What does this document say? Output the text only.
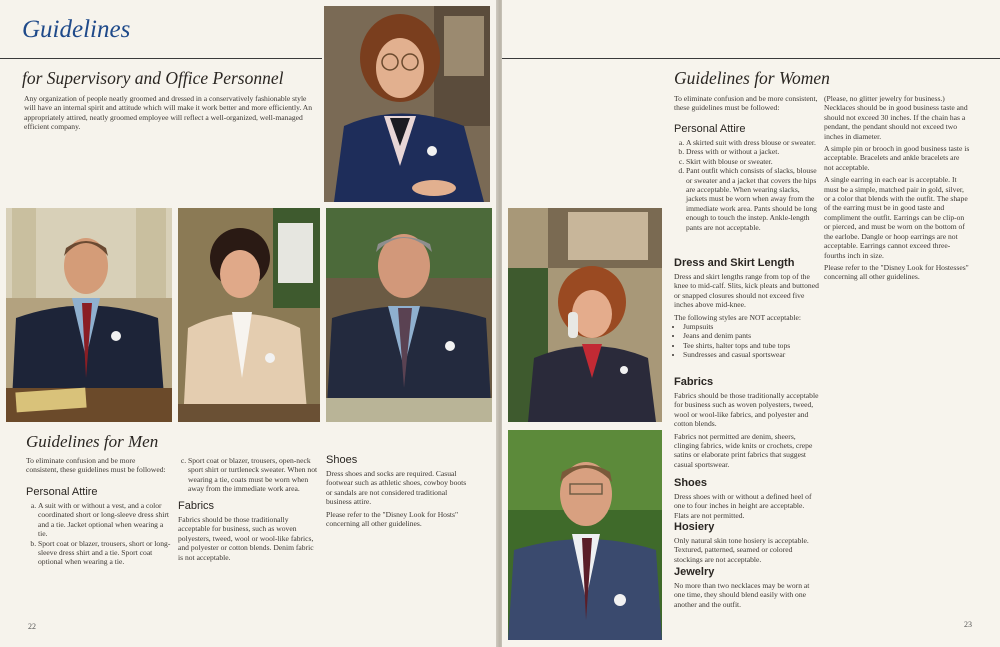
Guidelines
for Supervisory and Office Personnel
Any organization of people neatly groomed and dressed in a conservatively fashionable style will have an internal spirit and attitude which will make it work better and more efficiently. An appropriately attired, neatly groomed employee will reflect a well-organized, well-managed efficient company.
Guidelines for Men
To eliminate confusion and be more consistent, these guidelines must be followed:
Personal Attire
a. A suit with or without a vest, and a color coordinated short or long-sleeve dress shirt and a tie. Jacket optional when wearing a tie.
b. Sport coat or blazer, trousers, short or long-sleeve dress shirt and a tie. Sport coat optional when wearing a tie.
c. Sport coat or blazer, trousers, open-neck sport shirt or turtleneck sweater. When not wearing a tie, coats must be worn when away from the immediate work area.
Fabrics
Fabrics should be those traditionally acceptable for business, such as woven polyesters, tweed, wool or wool-like fabrics, and polyester or cotton blends. Denim fabric is not acceptable.
Shoes

Dress shoes and socks are required. Casual footwear such as athletic shoes, cowboy boots or sandals are not considered traditional business attire.

Please refer to the "Disney Look for Hosts" concerning all other guidelines.

22
Guidelines for Women

To eliminate confusion and be more consistent, these guidelines must be followed:

Personal Attire
a. A skirted suit with dress blouse or sweater.
b. Dress with or without a jacket.
c. Skirt with blouse or sweater.
d. Pant outfit which consists of slacks, blouse or sweater and a jacket that covers the hips are acceptable. When wearing slacks, jackets must be worn when away from the immediate work area. Pants should be long enough to touch the instep. Ankle-length pants are not acceptable.
Dress and Skirt Length

Dress and skirt lengths range from top of the knee to mid-calf. Slits, kick pleats and buttoned or snapped closures should not exceed five inches above mid-knee.

The following styles are NOT acceptable:

• Jumpsuits
• Jeans and denim pants
• Tee shirts, halter tops and tube tops
• Sundresses and casual sportswear
Fabrics

Fabrics should be those traditionally acceptable for business such as woven polyesters, tweed, wool or wool-like fabrics, and polyester and cotton blends.

Fabrics not permitted are denim, sheers, clinging fabrics, wide knits or crochets, crepe satins or elaborate print fabrics that suggest casual sportswear.

Shoes
Dress shoes with or without a defined heel of one to four inches in height are acceptable. Flats are not permitted.
Hosiery
Only natural skin tone hosiery is acceptable. Textured, patterned, seamed or colored stockings are not acceptable.
Jewelry
No more than two necklaces may be worn at one time, they should blend easily with one another and the outfit.

(Please, no glitter jewelry for business.) Necklaces should be in good business taste and should not exceed 30 inches. If the chain has a pendant, the pendant should not exceed two inches in diameter.

A simple pin or brooch in good business taste is acceptable. Bracelets and ankle bracelets are not acceptable.

A single earring in each ear is acceptable. It must be a simple, matched pair in gold, silver, or a color that blends with the outfit. The shape of the earring must be in good taste and compliment the outfit. Earrings can be clip-on or pierced, and must be worn on the bottom of the earlobe. Dangle or hoop earrings are not acceptable. Earrings cannot exceed three-fourths inch in size.

Please refer to the "Disney Look for Hostesses" concerning all other guidelines.

23
